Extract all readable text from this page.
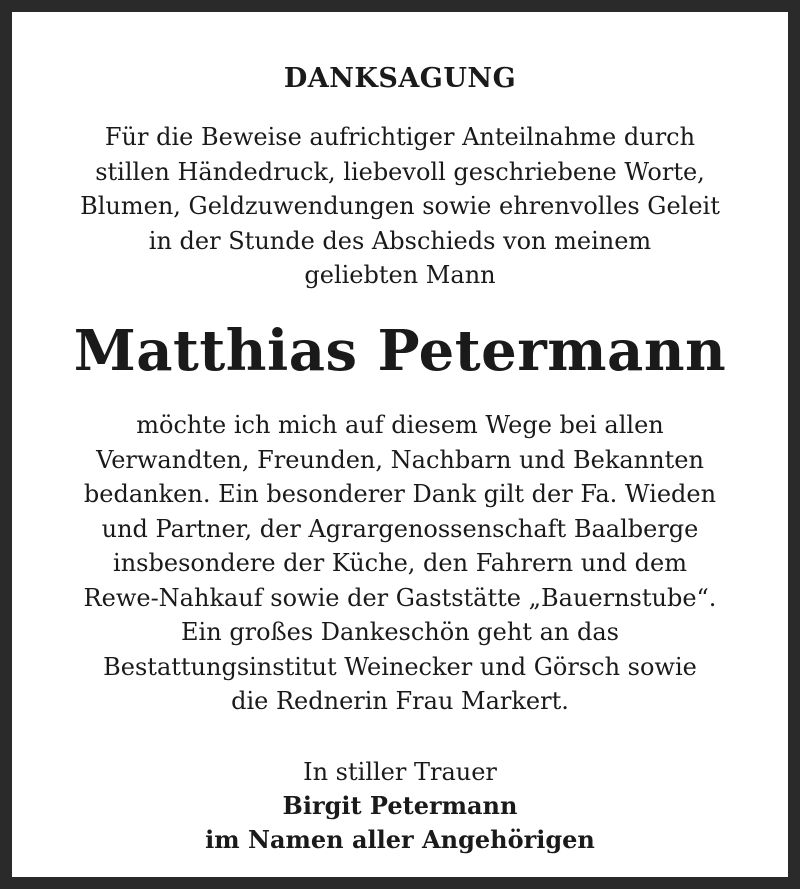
DANKSAGUNG
Für die Beweise aufrichtiger Anteilnahme durch
stillen Händedruck, liebevoll geschriebene Worte,
Blumen, Geldzuwendungen sowie ehrenvolles Geleit
in der Stunde des Abschieds von meinem
geliebten Mann
Matthias Petermann
möchte ich mich auf diesem Wege bei allen
Verwandten, Freunden, Nachbarn und Bekannten
bedanken. Ein besonderer Dank gilt der Fa. Wieden
und Partner, der Agrargenossenschaft Baalberge
insbesondere der Küche, den Fahrern und dem
Rewe-Nahkauf sowie der Gaststätte „Bauernstube“.
Ein großes Dankeschön geht an das
Bestattungsinstitut Weinecker und Görsch sowie
die Rednerin Frau Markert.
In stiller Trauer
Birgit Petermann
im Namen aller Angehörigen
